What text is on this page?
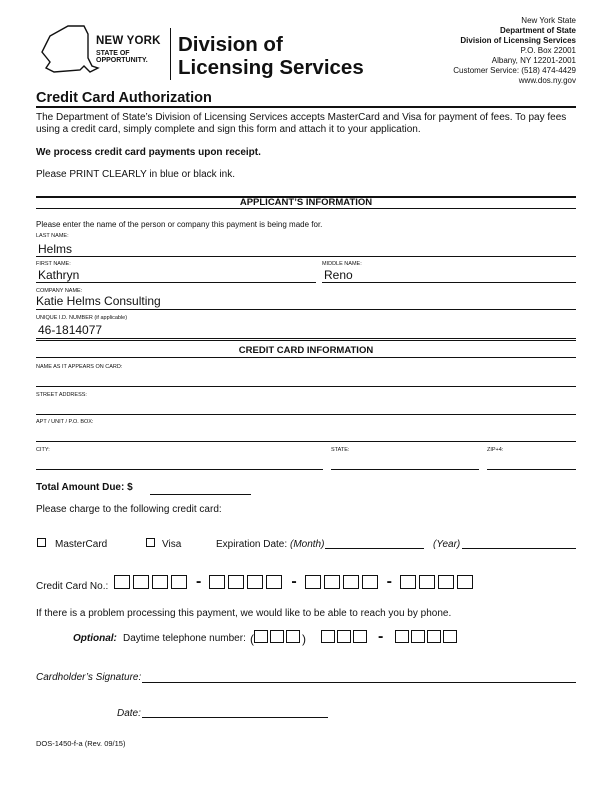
NEW YORK
STATE OF
OPPORTUNITY.
Division of
Licensing Services
New York State
Department of State
Division of Licensing Services
P.O. Box 22001
Albany, NY 12201-2001
Customer Service: (518) 474-4429
www.dos.ny.gov
Credit Card Authorization
The Department of State’s Division of Licensing Services accepts MasterCard and Visa for payment of fees. To pay fees using a credit card, simply complete and sign this form and attach it to your application.
We process credit card payments upon receipt.
Please PRINT CLEARLY in blue or black ink.
APPLICANT’S INFORMATION
Please enter the name of the person or company this payment is being made for.
LAST NAME:
Helms
FIRST NAME:
Kathryn
MIDDLE NAME:
Reno
COMPANY NAME:
Katie Helms Consulting
UNIQUE I.D. NUMBER (if applicable)
46-1814077
CREDIT CARD INFORMATION
NAME AS IT APPEARS ON CARD:
STREET ADDRESS:
APT / UNIT / P.O. BOX:
CITY:	STATE:	ZIP+4:
Total Amount Due: $
Please charge to the following credit card:
MasterCard	Visa	Expiration Date: (Month)	(Year)
Credit Card No.:	-	-	-
If there is a problem processing this payment, we would like to be able to reach you by phone.
Optional: Daytime telephone number: (	)	-
Cardholder’s Signature:
Date:
DOS-1450-f-a (Rev. 09/15)
